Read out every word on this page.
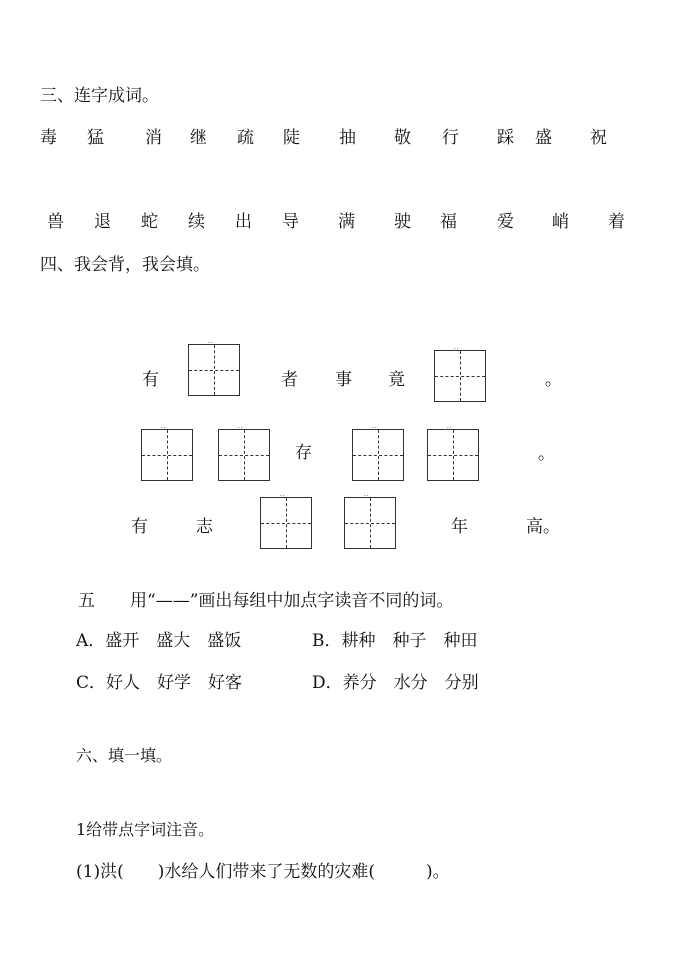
三、连字成词。
毒 猛 消 继 疏 陡 抽 敬 行 踩 盛 祝
兽 退 蛇 续 出 导 满 驶 福 爱 峭 着
四、我会背，我会填。
有
..
者 事 竟
..
。
..	..
存
..	..
。
有	志
..	..
年	高。
五 用“——”画出每组中加点字读音不同的词。
A．盛开　盛大　盛饭	B．耕种　种子　种田
C．好人　好学　好客	D．养分　水分　分别
六、填一填。
1给带点字词注音。
(1)洪(　　)水给人们带来了无数的灾难(　　　)。
